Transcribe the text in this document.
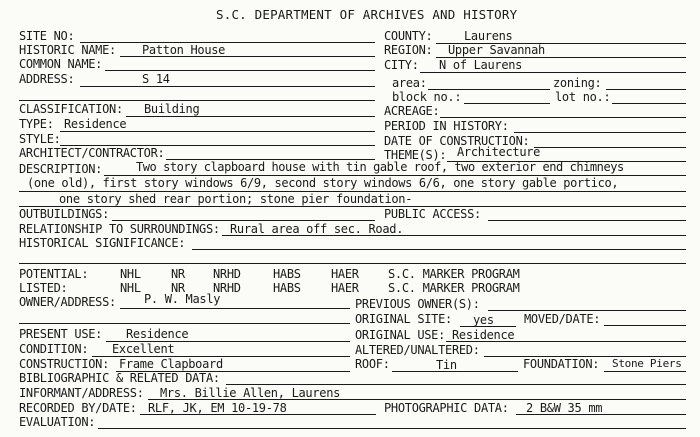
S.C. DEPARTMENT OF ARCHIVES AND HISTORY
SITE NO:
HISTORIC NAME: Patton House
COMMON NAME:
ADDRESS:	S 14
COUNTY:	Laurens
REGION: Upper Savannah
CITY: N of Laurens
area:	zoning:
block no.:	lot no.:
CLASSIFICATION: Building
TYPE: Residence
STYLE:
ARCHITECT/CONTRACTOR:
ACREAGE:
PERIOD IN HISTORY:
DATE OF CONSTRUCTION:
THEME(S): Architecture
DESCRIPTION:	Two story clapboard house with tin gable roof, two exterior end chimneys
(one old), first story windows 6/9, second story windows 6/6, one story gable portico,
one story shed rear portion; stone pier foundation-
OUTBUILDINGS:	PUBLIC ACCESS:
RELATIONSHIP TO SURROUNDINGS: Rural area off sec. Road.
HISTORICAL SIGNIFICANCE:
POTENTIAL:	NHL	NR NRHD	HABS	HAER S.C. MARKER PROGRAM
LISTED:	NHL	NR NRHD	HABS	HAER S.C. MARKER PROGRAM
OWNER/ADDRESS: P. W. Masly	PREVIOUS OWNER(S):
ORIGINAL SITE: yes	MOVED/DATE:
PRESENT USE: Residence	ORIGINAL USE: Residence
CONDITION: Excellent	ALTERED/UNALTERED:
CONSTRUCTION: Frame Clapboard	ROOF:	Tin	FOUNDATION: Stone Piers
BIBLIOGRAPHIC & RELATED DATA:
INFORMANT/ADDRESS: Mrs. Billie Allen, Laurens
RECORDED BY/DATE: RLF, JK, EM 10-19-78	PHOTOGRAPHIC DATA: 2 B&W 35 mm
EVALUATION:
